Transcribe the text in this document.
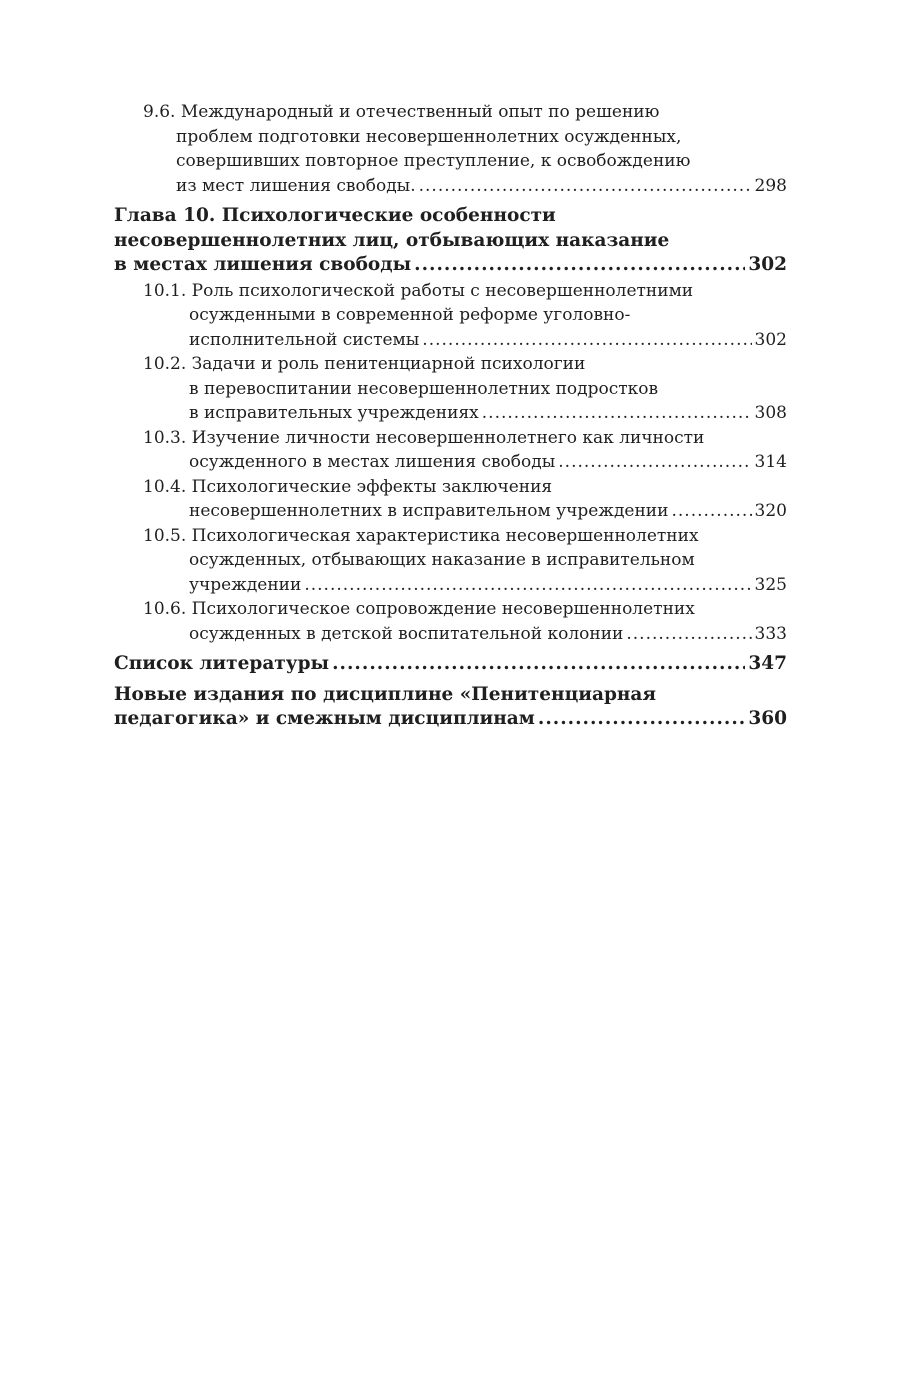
9.6. Международный и отечественный опыт по решению
проблем подготовки несовершеннолетних осужденных,
совершивших повторное преступление, к освобождению
из мест лишения свободы. .....	298
Глава 10. Психологические особенности
несовершеннолетних лиц, отбывающих наказание
в местах лишения свободы .....	302
10.1. Роль психологической работы с несовершеннолетними
осужденными в современной реформе уголовно-
исполнительной системы .....	302
10.2. Задачи и роль пенитенциарной психологии
в перевоспитании несовершеннолетних подростков
в исправительных учреждениях .....	308
10.3. Изучение личности несовершеннолетнего как личности
осужденного в местах лишения свободы .....	314
10.4. Психологические эффекты заключения
несовершеннолетних в исправительном учреждении .....	320
10.5. Психологическая характеристика несовершеннолетних
осужденных, отбывающих наказание в исправительном
учреждении .....	325
10.6. Психологическое сопровождение несовершеннолетних
осужденных в детской воспитательной колонии .....	333
Список литературы .....	347
Новые издания по дисциплине «Пенитенциарная
педагогика» и смежным дисциплинам .....	360
